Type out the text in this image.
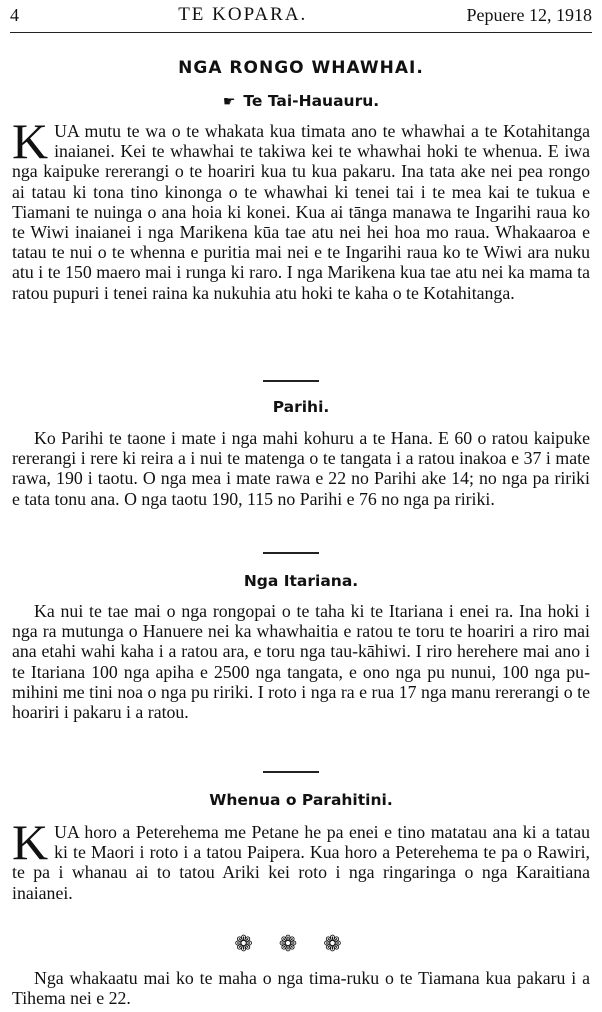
4	TE KOPARA.	Pepuere 12, 1918
NGA RONGO WHAWHAI.
☛ Te Tai-Hauauru.
KUA mutu te wa o te whakata kua timata ano te whawhai a te Kotahitanga inaianei. Kei te whawhai te takiwa kei te whawhai hoki te whenua. E iwa nga kaipuke rererangi o te hoariri kua tu kua pakaru. Ina tata ake nei pea rongo ai tatau ki tona tino kinonga o te whawhai ki tenei tai i te mea kai te tukua e Tiamani te nuinga o ana hoia ki konei. Kua ai tānga manawa te Ingarihi raua ko te Wiwi inaianei i nga Marikena kūa tae atu nei hei hoa mo raua. Whakaaroa e tatau te nui o te whenna e puritia mai nei e te Ingarihi raua ko te Wiwi ara nuku atu i te 150 maero mai i runga ki raro. I nga Marikena kua tae atu nei ka mama ta ratou pupuri i tenei raina ka nukuhia atu hoki te kaha o te Kotahitanga.
Parihi.
Ko Parihi te taone i mate i nga mahi kohuru a te Hana. E 60 o ratou kaipuke rererangi i rere ki reira a i nui te matenga o te tangata i a ratou inakoa e 37 i mate rawa, 190 i taotu. O nga mea i mate rawa e 22 no Parihi ake 14; no nga pa ririki e tata tonu ana. O nga taotu 190, 115 no Parihi e 76 no nga pa ririki.
Nga Itariana.
Ka nui te tae mai o nga rongopai o te taha ki te Itariana i enei ra. Ina hoki i nga ra mutunga o Hanuere nei ka whawhaitia e ratou te toru te hoariri a riro mai ana etahi wahi kaha i a ratou ara, e toru nga tau-kāhiwi. I riro herehere mai ano i te Itariana 100 nga apiha e 2500 nga tangata, e ono nga pu nunui, 100 nga pu-mihini me tini noa o nga pu ririki. I roto i nga ra e rua 17 nga manu rererangi o te hoariri i pakaru i a ratou.
Whenua o Parahitini.
KUA horo a Peterehema me Petane he pa enei e tino matatau ana ki a tatau ki te Maori i roto i a tatou Paipera. Kua horo a Peterehema te pa o Rawiri, te pa i whanau ai to tatou Ariki kei roto i nga ringaringa o nga Karaitiana inaianei.
❁❁❁
Nga whakaatu mai ko te maha o nga tima-ruku o te Tiamana kua pakaru i a Tihema nei e 22.
